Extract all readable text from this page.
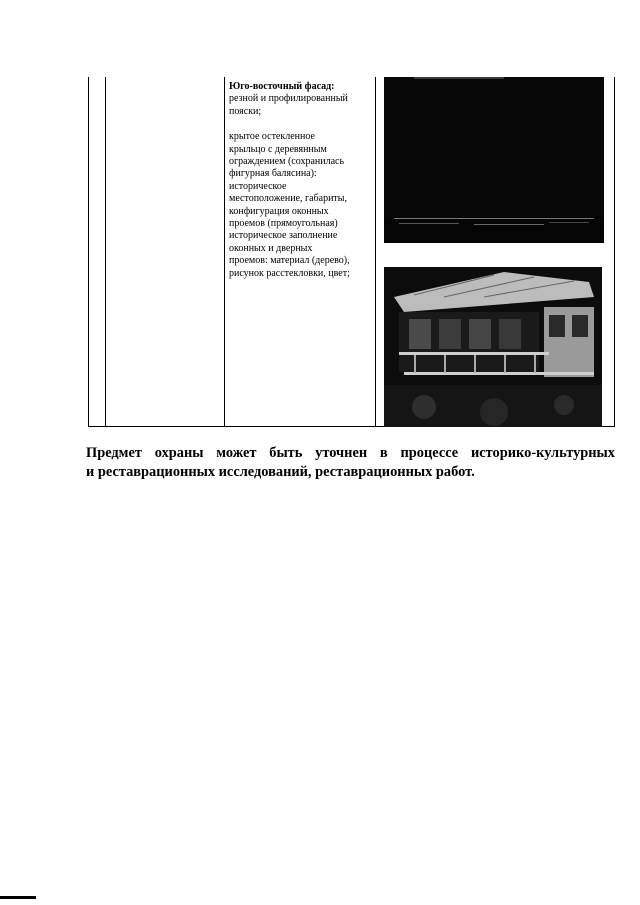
Юго-восточный фасад:
резной и профилированный
пояски;
крытое остекленное
крыльцо с деревянным
ограждением (сохранилась
фигурная балясина):
историческое
местоположение, габариты,
конфигурация оконных
проемов (прямоугольная)
историческое заполнение
оконных и дверных
проемов: материал (дерево),
рисунок расстекловки, цвет;
Предмет охраны может быть уточнен в процессе историко-культурных
и реставрационных исследований, реставрационных работ.
